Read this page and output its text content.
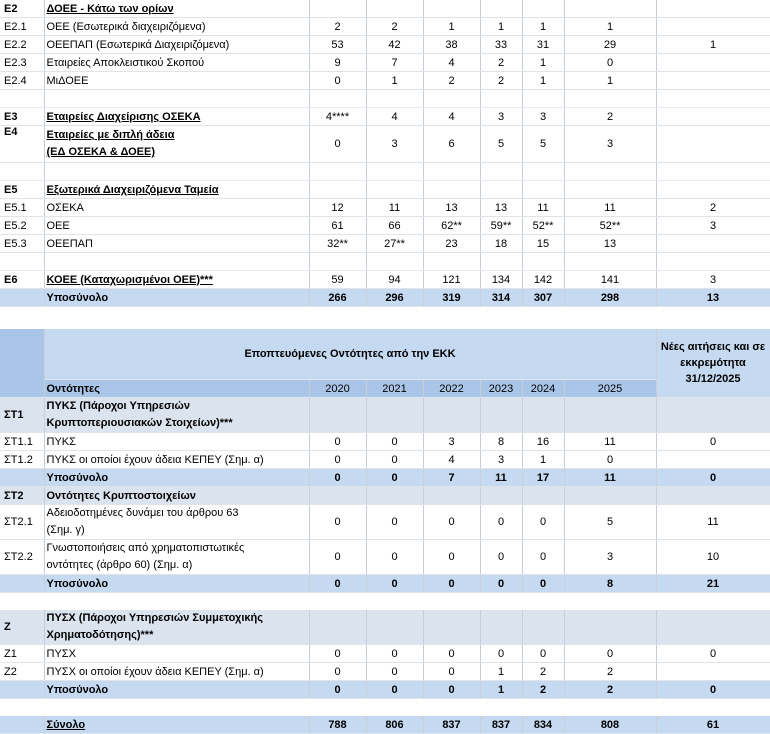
E2	ΔΟΕΕ - Κάτω των ορίων							
E2.1	ΟΕΕ (Εσωτερικά διαχειριζόμενα)	2	2	1	1	1	1	
E2.2	ΟΕΕΠΑΠ (Εσωτερικά Διαχειριζόμενα)	53	42	38	33	31	29	1
E2.3	Εταιρείες Αποκλειστικού Σκοπού	9	7	4	2	1	0	
E2.4	ΜιΔΟΕΕ	0	1	2	2	1	1	

E3	Εταιρείες Διαχείρισης ΟΣΕΚΑ	4****	4	4	3	3	2	
E4	Εταιρείες με διπλή άδεια
(ΕΔ ΟΣΕΚΑ & ΔΟΕΕ)	0	3	6	5	5	3	

E5	Εξωτερικά Διαχειριζόμενα Ταμεία							
E5.1	ΟΣΕΚΑ	12	11	13	13	11	11	2
E5.2	ΟΕΕ	61	66	62**	59**	52**	52**	3
E5.3	ΟΕΕΠΑΠ	32**	27**	23	18	15	13	

E6	ΚΟΕΕ (Καταχωρισμένοι ΟΕΕ)***	59	94	121	134	142	141	3
	Υποσύνολο	266	296	319	314	307	298	13

	Εποπτευόμενες Οντότητες από την ΕΚΚ							Νέες αιτήσεις και σε εκκρεμότητα 31/12/2025
	Οντότητες	2020	2021	2022	2023	2024	2025	
ΣΤ1	ΠΥΚΣ (Πάροχοι Υπηρεσιών
Κρυπτοπεριουσιακών Στοιχείων)***							
ΣΤ1.1	ΠΥΚΣ	0	0	3	8	16	11	0
ΣΤ1.2	ΠΥΚΣ οι οποίοι έχουν άδεια ΚΕΠΕΥ (Σημ. α)	0	0	4	3	1	0	
	Υποσύνολο	0	0	7	11	17	11	0
ΣΤ2	Οντότητες Κρυπτοστοιχείων							
ΣΤ2.1	Αδειοδοτημένες δυνάμει του άρθρου 63
(Σημ. γ)	0	0	0	0	0	5	11
ΣΤ2.2	Γνωστοποιήσεις από χρηματοπιστωτικές
οντότητες (άρθρο 60) (Σημ. α)	0	0	0	0	0	3	10
	Υποσύνολο	0	0	0	0	0	8	21

Z	ΠΥΣΧ (Πάροχοι Υπηρεσιών Συμμετοχικής
Χρηματοδότησης)***							
Z1	ΠΥΣΧ	0	0	0	0	0	0	0
Z2	ΠΥΣΧ οι οποίοι έχουν άδεια ΚΕΠΕΥ (Σημ. α)	0	0	0	1	2	2	
	Υποσύνολο	0	0	0	1	2	2	0

	Σύνολο	788	806	837	837	834	808	61
